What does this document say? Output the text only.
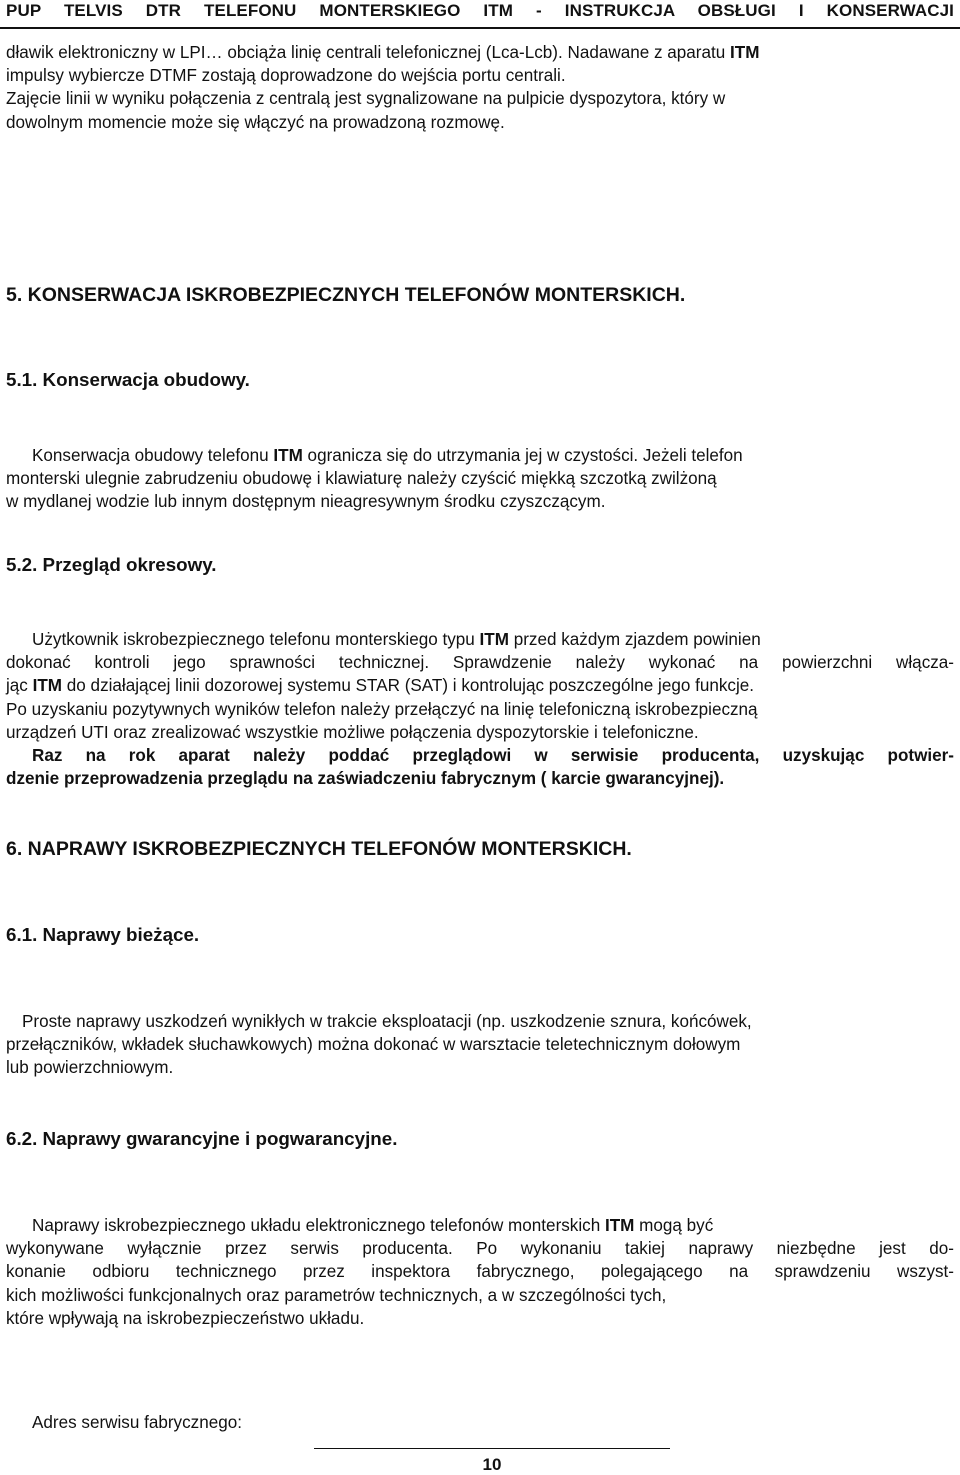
PUP TELVIS DTR TELEFONU MONTERSKIEGO ITM - INSTRUKCJA OBSŁUGI I KONSERWACJI
dławik elektroniczny w LPI… obciąża linię centrali telefonicznej (Lca-Lcb). Nadawane z aparatu ITM
impulsy wybiercze DTMF zostają doprowadzone do wejścia portu centrali.
Zajęcie linii w wyniku połączenia z centralą jest sygnalizowane na pulpicie dyspozytora, który w
dowolnym momencie może się włączyć na prowadzoną rozmowę.
5. KONSERWACJA ISKROBEZPIECZNYCH TELEFONÓW MONTERSKICH.
5.1. Konserwacja obudowy.
Konserwacja obudowy telefonu ITM ogranicza się do utrzymania jej w czystości. Jeżeli telefon
monterski ulegnie zabrudzeniu obudowę i klawiaturę należy czyścić miękką szczotką zwilżoną
w mydlanej wodzie lub innym dostępnym nieagresywnym środku czyszczącym.
5.2. Przegląd okresowy.
Użytkownik iskrobezpiecznego telefonu monterskiego typu ITM przed każdym zjazdem powinien
dokonać kontroli jego sprawności technicznej. Sprawdzenie należy wykonać na powierzchni włącza-
jąc ITM do działającej linii dozorowej systemu STAR (SAT) i kontrolując poszczególne jego funkcje.
Po uzyskaniu pozytywnych wyników telefon należy przełączyć na linię telefoniczną iskrobezpieczną
urządzeń UTI oraz zrealizować wszystkie możliwe połączenia dyspozytorskie i telefoniczne.
Raz na rok aparat należy poddać przeglądowi w serwisie producenta, uzyskując potwier-
dzenie przeprowadzenia przeglądu na zaświadczeniu fabrycznym ( karcie gwarancyjnej).
6. NAPRAWY ISKROBEZPIECZNYCH TELEFONÓW MONTERSKICH.
6.1. Naprawy bieżące.
Proste naprawy uszkodzeń wynikłych w trakcie eksploatacji (np. uszkodzenie sznura, końcówek,
przełączników, wkładek słuchawkowych) można dokonać w warsztacie teletechnicznym dołowym
lub powierzchniowym.
6.2. Naprawy gwarancyjne i pogwarancyjne.
Naprawy iskrobezpiecznego układu elektronicznego telefonów monterskich ITM mogą być
wykonywane wyłącznie przez serwis producenta. Po wykonaniu takiej naprawy niezbędne jest do-
konanie odbioru technicznego przez inspektora fabrycznego, polegającego na sprawdzeniu wszyst-
kich możliwości funkcjonalnych oraz parametrów technicznych, a w szczególności tych,
które wpływają na iskrobezpieczeństwo układu.
Adres serwisu fabrycznego:
10
